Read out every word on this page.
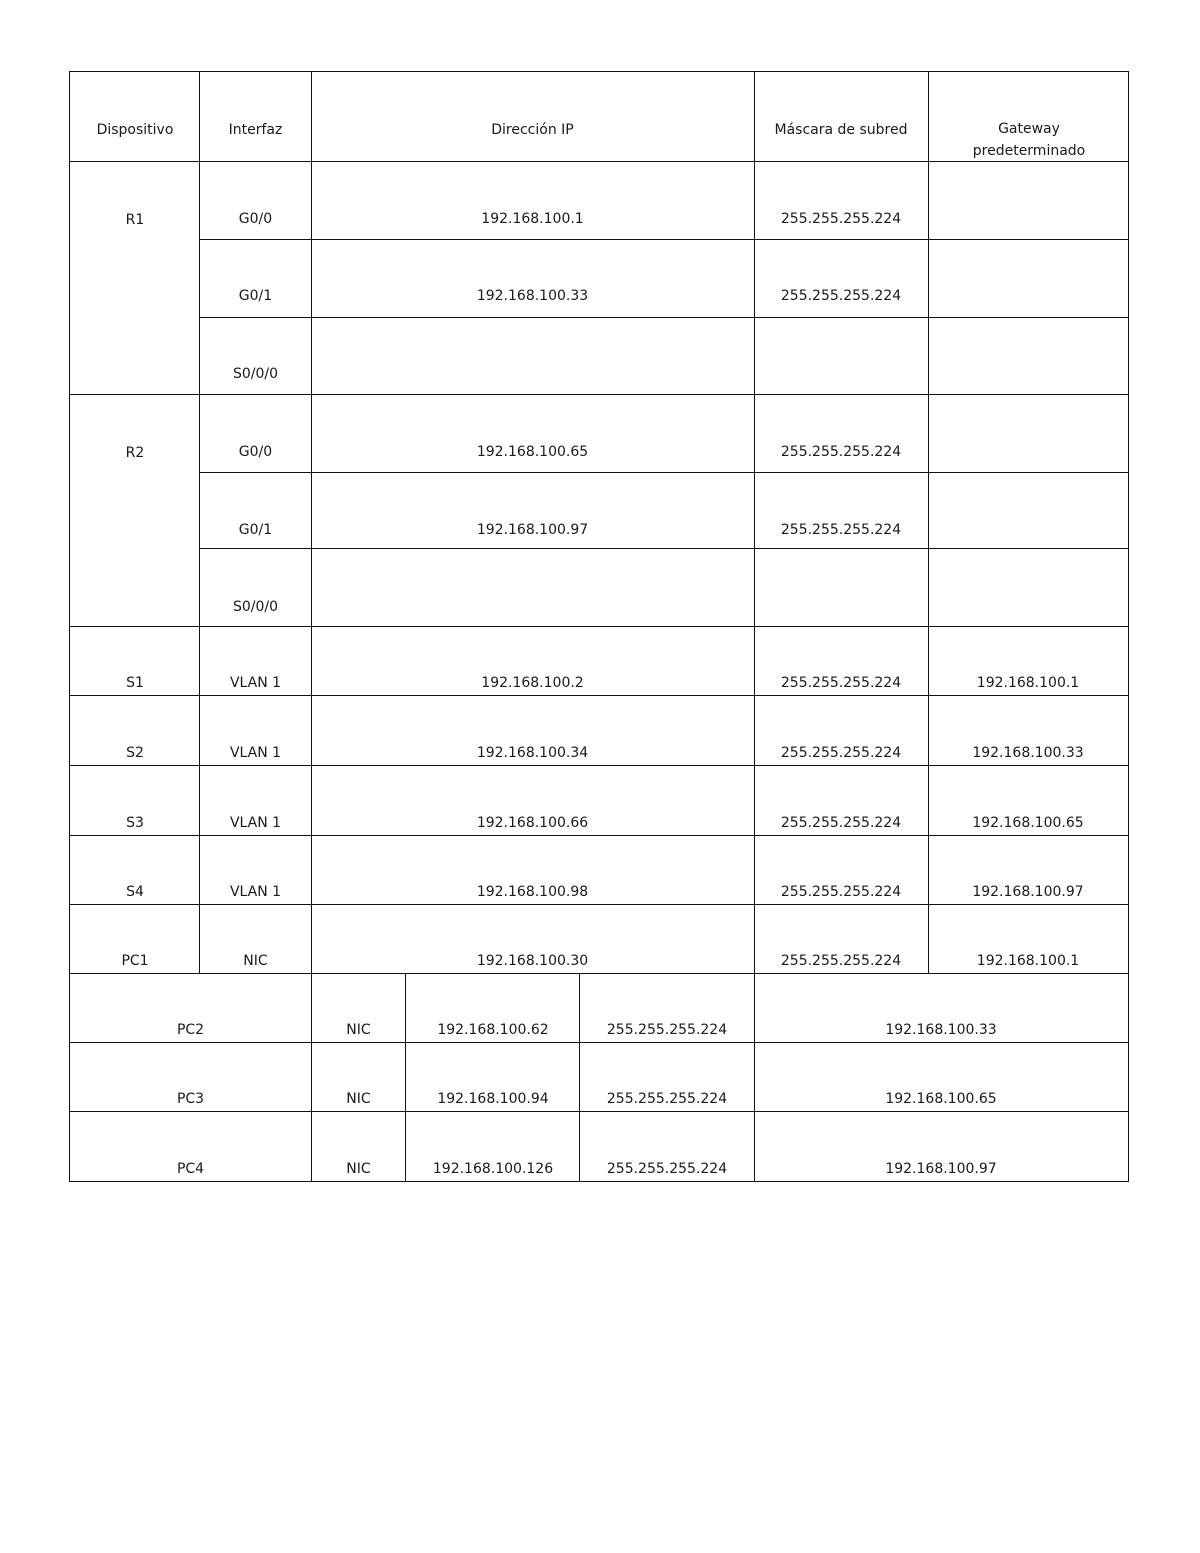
Dispositivo	Interfaz	Dirección IP	Máscara de subred	Gateway predeterminado
R1	G0/0	192.168.100.1	255.255.255.224
G0/1	192.168.100.33	255.255.255.224
S0/0/0
R2	G0/0	192.168.100.65	255.255.255.224
G0/1	192.168.100.97	255.255.255.224
S0/0/0
S1	VLAN 1	192.168.100.2	255.255.255.224	192.168.100.1
S2	VLAN 1	192.168.100.34	255.255.255.224	192.168.100.33
S3	VLAN 1	192.168.100.66	255.255.255.224	192.168.100.65
S4	VLAN 1	192.168.100.98	255.255.255.224	192.168.100.97
PC1	NIC	192.168.100.30	255.255.255.224	192.168.100.1
PC2	NIC	192.168.100.62	255.255.255.224	192.168.100.33
PC3	NIC	192.168.100.94	255.255.255.224	192.168.100.65
PC4	NIC	192.168.100.126	255.255.255.224	192.168.100.97
